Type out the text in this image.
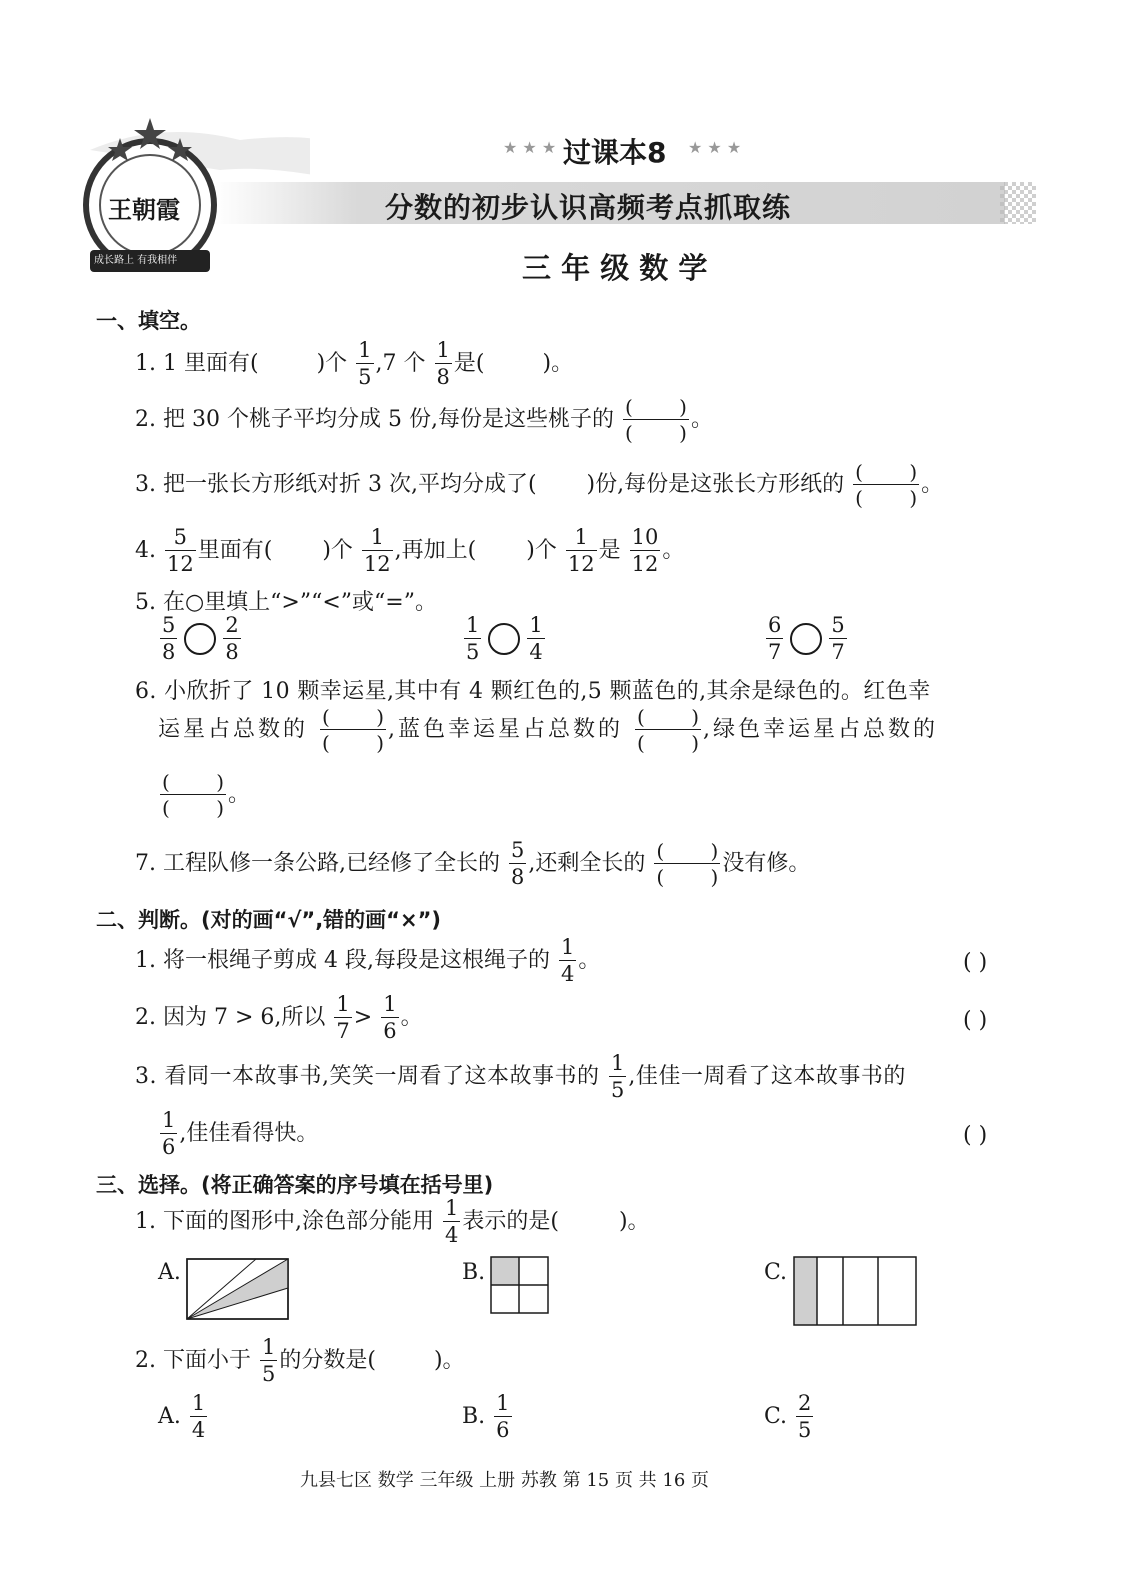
王朝霞
成长路上 有我相伴
★ ★ ★ 过课本8 ★ ★ ★
分数的初步认识高频考点抓取练
三 年 级 数 学
一、填空。
1. 1 里面有(	)个 $\frac{1}{5} ,7$ 个 $\frac{1}{8}$ 是(	)。
2. 把 30 个桃子平均分成 5 份,每份是这些桃子的 $\frac{( )}{( )}$ 。
3. 把一张长方形纸对折 3 次,平均分成了( )份,每份是这张长方形纸的 $\frac{( )}{( )}$ 。
4. $\frac{5}{12}$ 里面有( )个 $\frac{1}{12}$ ,再加上( )个 $\frac{1}{12}$ 是 $\frac{10}{12}$ 。
5. 在○里填上“>”“<”或“=”。
$\frac{5}{8} \frac{2}{8}$	$\frac{1}{5} \frac{1}{4}$	$\frac{6}{7} \frac{5}{7}$
6. 小欣折了 10 颗幸运星,其中有 4 颗红色的,5 颗蓝色的,其余是绿色的。红色幸
运星占总数的 $\frac{( )}{( )}$ ,蓝色幸运星占总数的 $\frac{( )}{( )}$ ,绿色幸运星占总数的
$\frac{( )}{( )}$ 。
7. 工程队修一条公路,已经修了全长的 $\frac{5}{8}$ ,还剩全长的 $\frac{( )}{( )}$ 没有修。
二、判断。(对的画“√”,错的画“×”)
1. 将一根绳子剪成 4 段,每段是这根绳子的 $\frac{1}{4}$ 。	( )
2. 因为 7 > 6,所以 $\frac{1}{7} > \frac{1}{6}$ 。	( )
3. 看同一本故事书,笑笑一周看了这本故事书的 $\frac{1}{5}$ ,佳佳一周看了这本故事书的
$\frac{1}{6}$ ,佳佳看得快。	( )
三、选择。(将正确答案的序号填在括号里)
1. 下面的图形中,涂色部分能用 $\frac{1}{4}$ 表示的是(	)。
A.	B.	C.
2. 下面小于 $\frac{1}{5}$ 的分数是(	)。
A. $\frac{1}{4}$	B. $\frac{1}{6}$	C. $\frac{2}{5}$
九县七区 数学 三年级 上册 苏教 第 15 页 共 16 页
